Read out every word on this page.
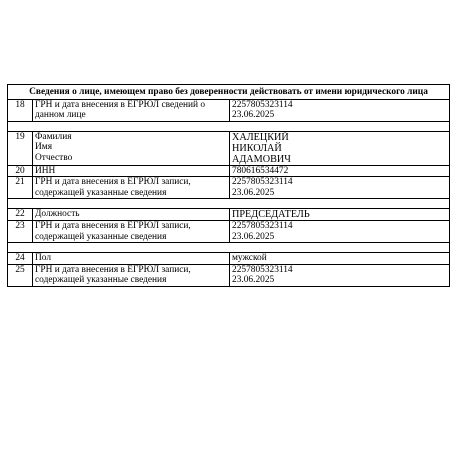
Сведения о лице, имеющем право без доверенности действовать от имени юридического лица		
18	ГРН и дата внесения в ЕГРЮЛ сведений о
данном лице	2257805323114
23.06.2025

19	Фамилия
Имя
Отчество	ХАЛЕЦКИЙ
НИКОЛАЙ
АДАМОВИЧ

20	ИНН	780616534472

21	ГРН и дата внесения в ЕГРЮЛ записи,
содержащей указанные сведения	2257805323114
23.06.2025

22	Должность	ПРЕДСЕДАТЕЛЬ

23	ГРН и дата внесения в ЕГРЮЛ записи,
содержащей указанные сведения	2257805323114
23.06.2025

24	Пол	мужской

25	ГРН и дата внесения в ЕГРЮЛ записи,
содержащей указанные сведения	2257805323114
23.06.2025
